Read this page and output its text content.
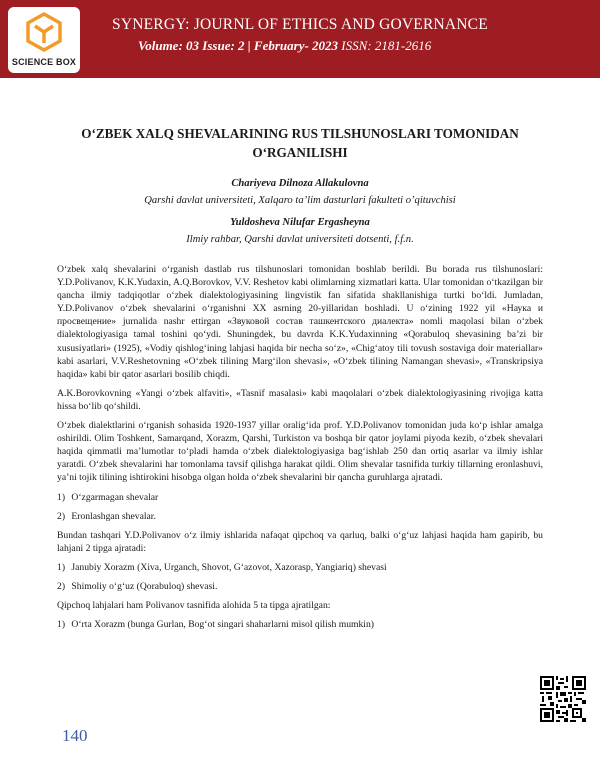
SCIENCE BOX
SYNERGY: JOURNL OF ETHICS AND GOVERNANCE
Volume: 03 Issue: 2 | February- 2023 ISSN: 2181-2616
O‘ZBEK XALQ SHEVALARINING RUS TILSHUNOSLARI TOMONIDAN O‘RGANILISHI
Chariyeva Dilnoza Allakulovna
Qarshi davlat universiteti, Xalqaro ta’lim dasturlari fakulteti o’qituvchisi
Yuldosheva Nilufar Ergasheyna
Ilmiy rahbar, Qarshi davlat universiteti dotsenti, f.f.n.

O‘zbek xalq shevalarini o‘rganish dastlab rus tilshunoslari tomonidan boshlab berildi. Bu borada rus tilshunoslari: Y.D.Polivanov, K.K.Yudaxin, A.Q.Borovkov, V.V. Reshetov kabi olimlarning xizmatlari katta. Ular tomonidan o‘tkazilgan bir qancha ilmiy tadqiqotlar o‘zbek dialektologiyasining lingvistik fan sifatida shakllanishiga turtki bo‘ldi. Jumladan, Y.D.Polivanov o‘zbek shevalarini o‘rganishni XX asrning 20-yillaridan boshladi. U o‘zining 1922 yil «Наука и просвещение» jurnalida nashr ettirgan «Звуковой состав ташкентского диалекта» nomli maqolasi bilan o‘zbek dialektologiyasiga tamal toshini qo‘ydi. Shuningdek, bu davrda K.K.Yudaxinning «Qorabuloq shevasining ba’zi bir xususiyatlari» (1925), «Vodiy qishlog‘ining lahjasi haqida bir necha so‘z», «Chig‘atoy tili tovush sostaviga doir materiallar» kabi asarlari, V.V.Reshetovning «O‘zbek tilining Marg‘ilon shevasi», «O‘zbek tilining Namangan shevasi», «Transkripsiya haqida» kabi bir qator asarlari bosilib chiqdi.

A.K.Borovkovning «Yangi o‘zbek alfaviti», «Tasnif masalasi» kabi maqolalari o‘zbek dialektologiyasining rivojiga katta hissa bo‘lib qo‘shildi.

O‘zbek dialektlarini o‘rganish sohasida 1920-1937 yillar oralig‘ida prof. Y.D.Polivanov tomonidan juda ko‘p ishlar amalga oshirildi. Olim Toshkent, Samarqand, Xorazm, Qarshi, Turkiston va boshqa bir qator joylami piyoda kezib, o‘zbek shevalari haqida qimmatli ma’lumotlar to‘pladi hamda o‘zbek dialektologiyasiga bag‘ishlab 250 dan ortiq asarlar va ilmiy ishlar yaratdi. O‘zbek shevalarini har tomonlama tavsif qilishga harakat qildi. Olim shevalar tasnifida turkiy tillarning eronlashuvi, ya’ni tojik tilining ishtirokini hisobga olgan holda o‘zbek shevalarini bir qancha guruhlarga ajratadi.

1) O‘zgarmagan shevalar
2) Eronlashgan shevalar.

Bundan tashqari Y.D.Polivanov o‘z ilmiy ishlarida nafaqat qipchoq va qarluq, balki o‘g‘uz lahjasi haqida ham gapirib, bu lahjani 2 tipga ajratadi:

1) Janubiy Xorazm (Xiva, Urganch, Shovot, G‘azovot, Xazorasp, Yangiariq) shevasi
2) Shimoliy o‘g‘uz (Qorabuloq) shevasi.

Qipchoq lahjalari ham Polivanov tasnifida alohida 5 ta tipga ajratilgan:

1) O‘rta Xorazm (bunga Gurlan, Bog‘ot singari shaharlarni misol qilish mumkin)
140
